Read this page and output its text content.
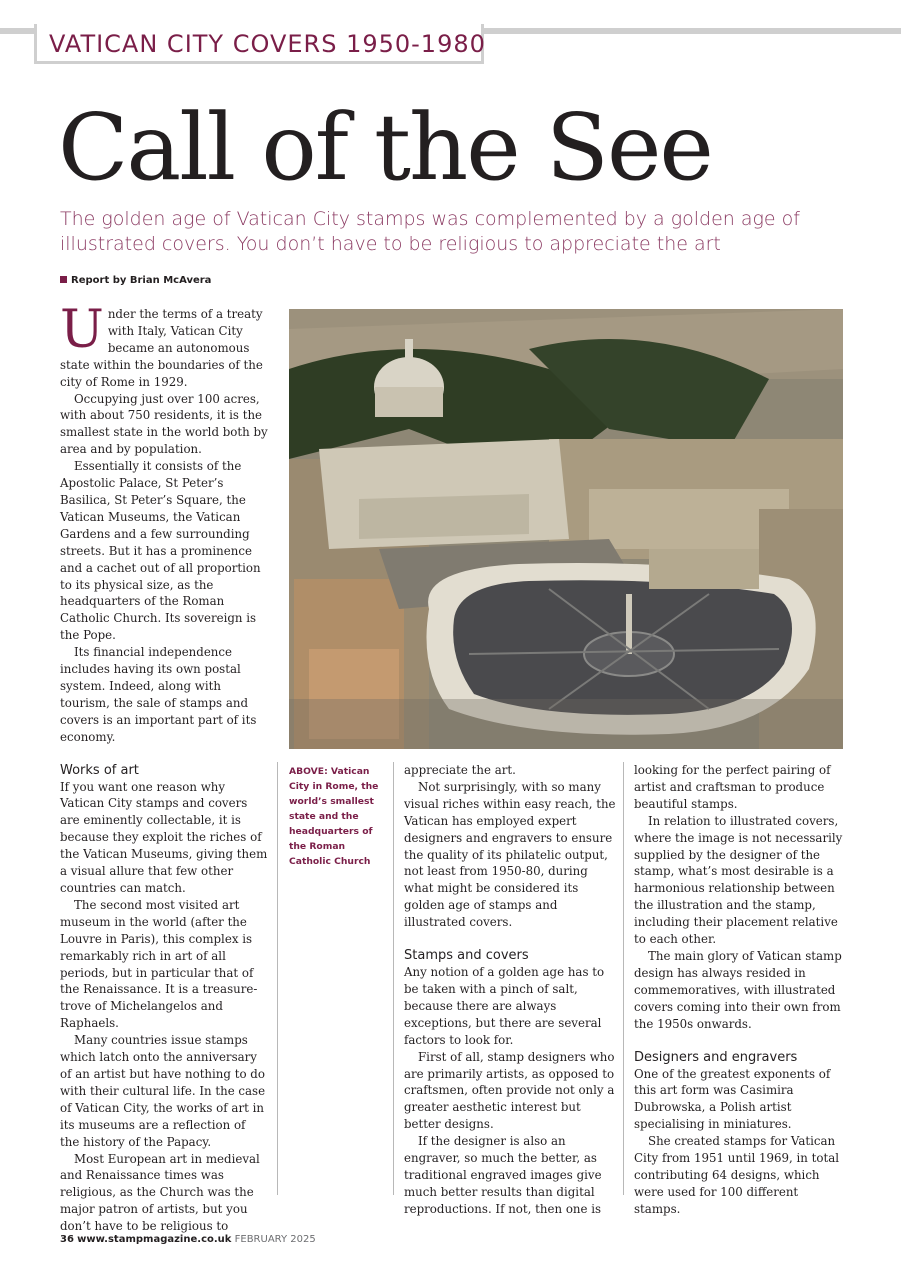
VATICAN CITY COVERS 1950-1980
Call of the See
The golden age of Vatican City stamps was complemented by a golden age of illustrated covers. You don’t have to be religious to appreciate the art
Report by Brian McAvera

Under the terms of a treaty with Italy, Vatican City became an autonomous state within the boundaries of the city of Rome in 1929.

Occupying just over 100 acres, with about 750 residents, it is the smallest state in the world both by area and by population.

Essentially it consists of the Apostolic Palace, St Peter’s Basilica, St Peter’s Square, the Vatican Museums, the Vatican Gardens and a few surrounding streets. But it has a prominence and a cachet out of all proportion to its physical size, as the headquarters of the Roman Catholic Church. Its sovereign is the Pope.

Its financial independence includes having its own postal system. Indeed, along with tourism, the sale of stamps and covers is an important part of its economy.

Works of art

If you want one reason why Vatican City stamps and covers are eminently collectable, it is because they exploit the riches of the Vatican Museums, giving them a visual allure that few other countries can match.

The second most visited art museum in the world (after the Louvre in Paris), this complex is remarkably rich in art of all periods, but in particular that of the Renaissance. It is a treasure-trove of Michelangelos and Raphaels.

Many countries issue stamps which latch onto the anniversary of an artist but have nothing to do with their cultural life. In the case of Vatican City, the works of art in its museums are a reflection of the history of the Papacy.

Most European art in medieval and Renaissance times was religious, as the Church was the major patron of artists, but you don’t have to be religious to

ABOVE: Vatican City in Rome, the world’s smallest state and the headquarters of the Roman Catholic Church

appreciate the art.

Not surprisingly, with so many visual riches within easy reach, the Vatican has employed expert designers and engravers to ensure the quality of its philatelic output, not least from 1950-80, during what might be considered its golden age of stamps and illustrated covers.

Stamps and covers

Any notion of a golden age has to be taken with a pinch of salt, because there are always exceptions, but there are several factors to look for.

First of all, stamp designers who are primarily artists, as opposed to craftsmen, often provide not only a greater aesthetic interest but better designs.

If the designer is also an engraver, so much the better, as traditional engraved images give much better results than digital reproductions. If not, then one is

looking for the perfect pairing of artist and craftsman to produce beautiful stamps.

In relation to illustrated covers, where the image is not necessarily supplied by the designer of the stamp, what’s most desirable is a harmonious relationship between the illustration and the stamp, including their placement relative to each other.

The main glory of Vatican stamp design has always resided in commemoratives, with illustrated covers coming into their own from the 1950s onwards.

Designers and engravers

One of the greatest exponents of this art form was Casimira Dubrowska, a Polish artist specialising in miniatures.

She created stamps for Vatican City from 1951 until 1969, in total contributing 64 designs, which were used for 100 different stamps.

36 www.stampmagazine.co.uk FEBRUARY 2025
